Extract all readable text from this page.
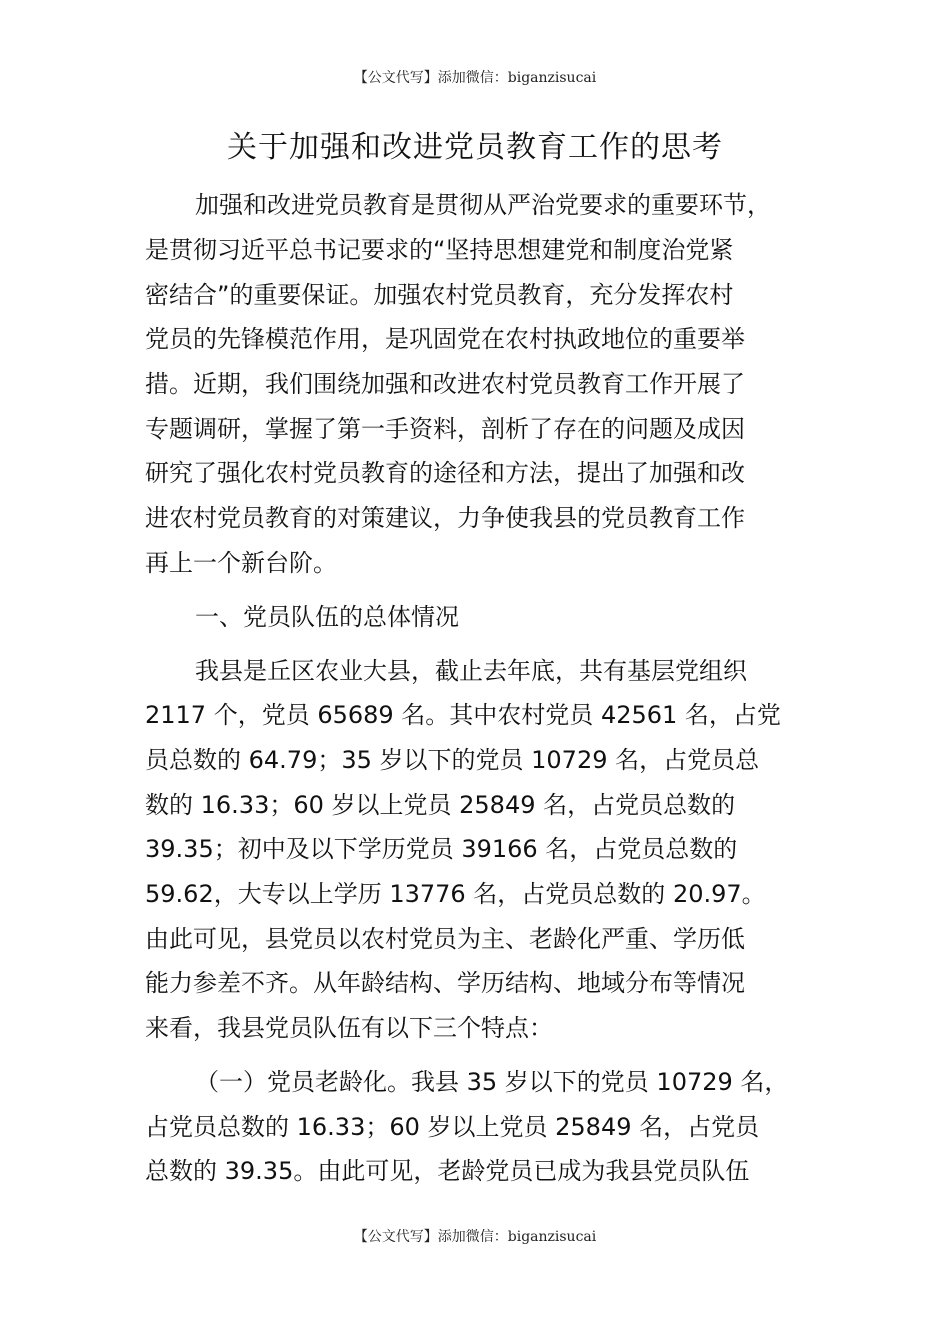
【公文代写】添加微信：biganzisucai
关于加强和改进党员教育工作的思考

加强和改进党员教育是贯彻从严治党要求的重要环节，

是贯彻习近平总书记要求的“坚持思想建党和制度治党紧

密结合”的重要保证。加强农村党员教育，充分发挥农村

党员的先锋模范作用，是巩固党在农村执政地位的重要举

措。近期，我们围绕加强和改进农村党员教育工作开展了

专题调研，掌握了第一手资料，剖析了存在的问题及成因

研究了强化农村党员教育的途径和方法，提出了加强和改

进农村党员教育的对策建议，力争使我县的党员教育工作

再上一个新台阶。

一、党员队伍的总体情况

我县是丘区农业大县，截止去年底，共有基层党组织

2117 个，党员 65689 名。其中农村党员 42561 名，占党

员总数的 64.79；35 岁以下的党员 10729 名，占党员总

数的 16.33；60 岁以上党员 25849 名，占党员总数的

39.35；初中及以下学历党员 39166 名，占党员总数的

59.62，大专以上学历 13776 名，占党员总数的 20.97。

由此可见，县党员以农村党员为主、老龄化严重、学历低

能力参差不齐。从年龄结构、学历结构、地域分布等情况

来看，我县党员队伍有以下三个特点：

（一）党员老龄化。我县 35 岁以下的党员 10729 名，

占党员总数的 16.33；60 岁以上党员 25849 名，占党员

总数的 39.35。由此可见，老龄党员已成为我县党员队伍

【公文代写】添加微信：biganzisucai
